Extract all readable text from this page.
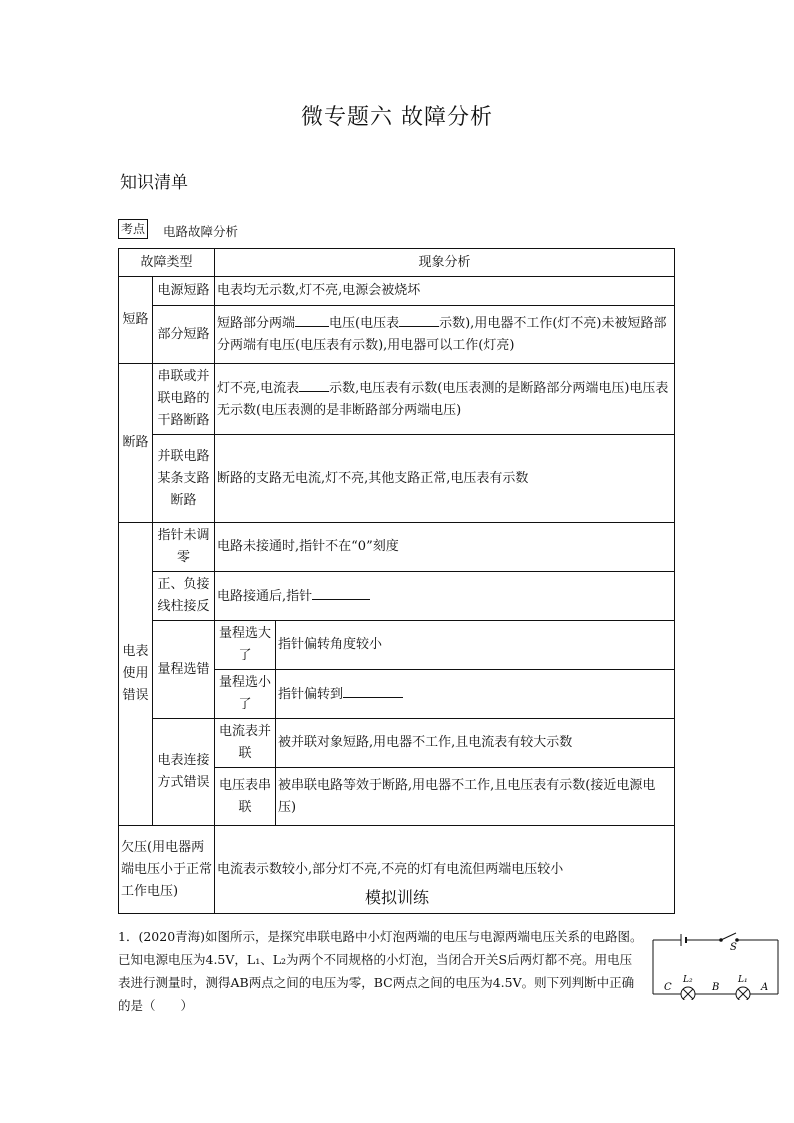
微专题六 故障分析
知识清单
考点 电路故障分析
故障类型		现象分析	
短路	电源短路	电表均无示数,灯不亮,电源会被烧坏	
	部分短路	短路部分两端 电压(电压表 示数),用电器不工作(灯不亮)未被短路部分两端有电压(电压表有示数),用电器可以工作(灯亮)	
断路	串联或并联电路的干路断路	灯不亮,电流表 示数,电压表有示数(电压表测的是断路部分两端电压)电压表无示数(电压表测的是非断路部分两端电压)	
	并联电路某条支路断路	断路的支路无电流,灯不亮,其他支路正常,电压表有示数	
电表使用错误	指针未调零	电路未接通时,指针不在“0”刻度	
	正、负接线柱接反	电路接通后,指针	
	量程选错	量程选大了	指针偏转角度较小
		量程选小了	指针偏转到
	电表连接方式错误	电流表并联	被并联对象短路,用电器不工作,且电流表有较大示数
		电压表串联	被串联电路等效于断路,用电器不工作,且电压表有示数(接近电源电压)
欠压(用电器两端电压小于正常工作电压)		电流表示数较小,部分灯不亮,不亮的灯有电流但两端电压较小	
模拟训练
1．(2020青海)如图所示，是探究串联电路中小灯泡两端的电压与电源两端电压关系的电路图。已知电源电压为4.5V，L₁、L₂为两个不同规格的小灯泡，当闭合开关S后两灯都不亮。用电压表进行测量时，测得AB两点之间的电压为零，BC两点之间的电压为4.5V。则下列判断中正确的是（　　）
S
L₂	L₁
C	B	A
